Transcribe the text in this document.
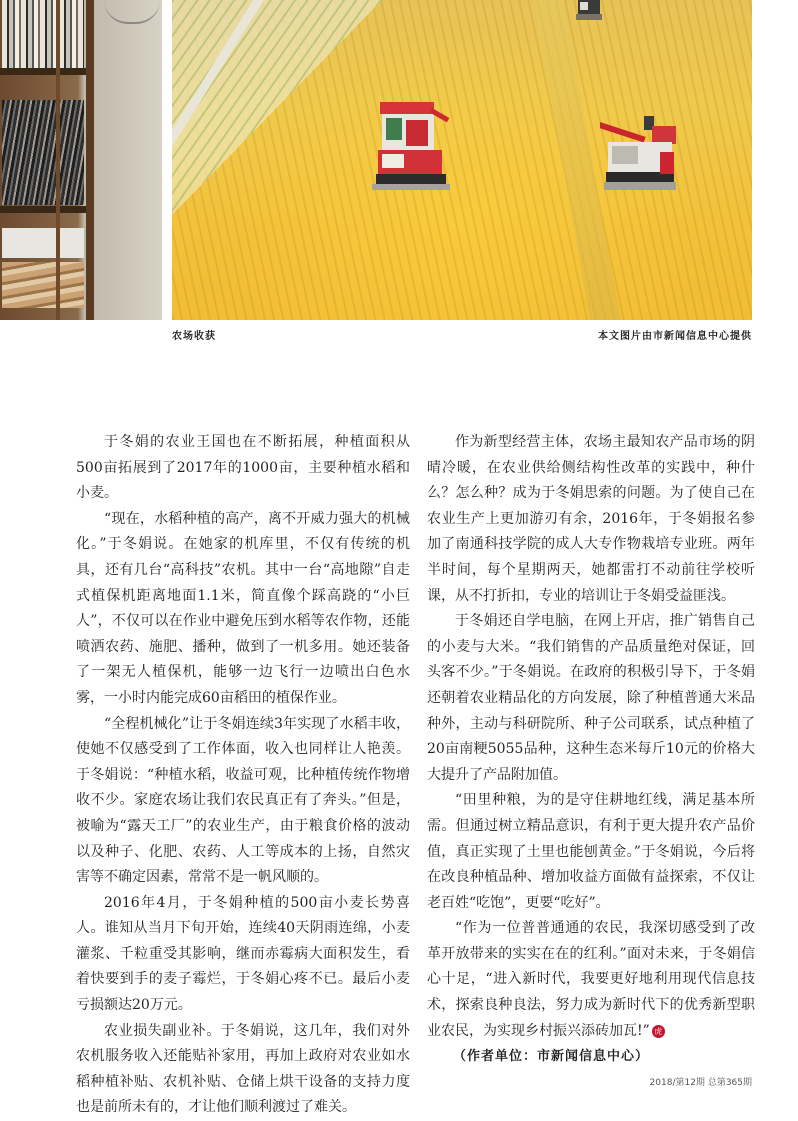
农场收获	本文图片由市新闻信息中心提供

于冬娟的农业王国也在不断拓展，种植面积从500亩拓展到了2017年的1000亩，主要种植水稻和小麦。

“现在，水稻种植的高产，离不开威力强大的机械化。”于冬娟说。在她家的机库里，不仅有传统的机具，还有几台“高科技”农机。其中一台“高地隙”自走式植保机距离地面1.1米，简直像个踩高跷的“小巨人”，不仅可以在作业中避免压到水稻等农作物，还能喷洒农药、施肥、播种，做到了一机多用。她还装备了一架无人植保机，能够一边飞行一边喷出白色水雾，一小时内能完成60亩稻田的植保作业。

“全程机械化”让于冬娟连续3年实现了水稻丰收，使她不仅感受到了工作体面，收入也同样让人艳羡。于冬娟说：“种植水稻，收益可观，比种植传统作物增收不少。家庭农场让我们农民真正有了奔头。”但是，被喻为“露天工厂”的农业生产，由于粮食价格的波动以及种子、化肥、农药、人工等成本的上扬，自然灾害等不确定因素，常常不是一帆风顺的。

2016年4月，于冬娟种植的500亩小麦长势喜人。谁知从当月下旬开始，连续40天阴雨连绵，小麦灌浆、千粒重受其影响，继而赤霉病大面积发生，看着快要到手的麦子霉烂，于冬娟心疼不已。最后小麦亏损额达20万元。

农业损失副业补。于冬娟说，这几年，我们对外农机服务收入还能贴补家用，再加上政府对农业如水稻种植补贴、农机补贴、仓储上烘干设备的支持力度也是前所未有的，才让他们顺利渡过了难关。

作为新型经营主体，农场主最知农产品市场的阴晴冷暖，在农业供给侧结构性改革的实践中，种什么？怎么种？成为于冬娟思索的问题。为了使自己在农业生产上更加游刃有余，2016年，于冬娟报名参加了南通科技学院的成人大专作物栽培专业班。两年半时间，每个星期两天，她都雷打不动前往学校听课，从不打折扣，专业的培训让于冬娟受益匪浅。

于冬娟还自学电脑，在网上开店，推广销售自己的小麦与大米。“我们销售的产品质量绝对保证，回头客不少。”于冬娟说。在政府的积极引导下，于冬娟还朝着农业精品化的方向发展，除了种植普通大米品种外，主动与科研院所、种子公司联系，试点种植了20亩南粳5055品种，这种生态米每斤10元的价格大大提升了产品附加值。

“田里种粮，为的是守住耕地红线，满足基本所需。但通过树立精品意识，有利于更大提升农产品价值，真正实现了土里也能刨黄金。”于冬娟说，今后将在改良种植品种、增加收益方面做有益探索，不仅让老百姓“吃饱”，更要“吃好”。

“作为一位普普通通的农民，我深切感受到了改革开放带来的实实在在的红利。”面对未来，于冬娟信心十足，“进入新时代，我要更好地利用现代信息技术，探索良种良法，努力成为新时代下的优秀新型职业农民，为实现乡村振兴添砖加瓦!” 虎

（作者单位：市新闻信息中心）

2018/第12期 总第365期
